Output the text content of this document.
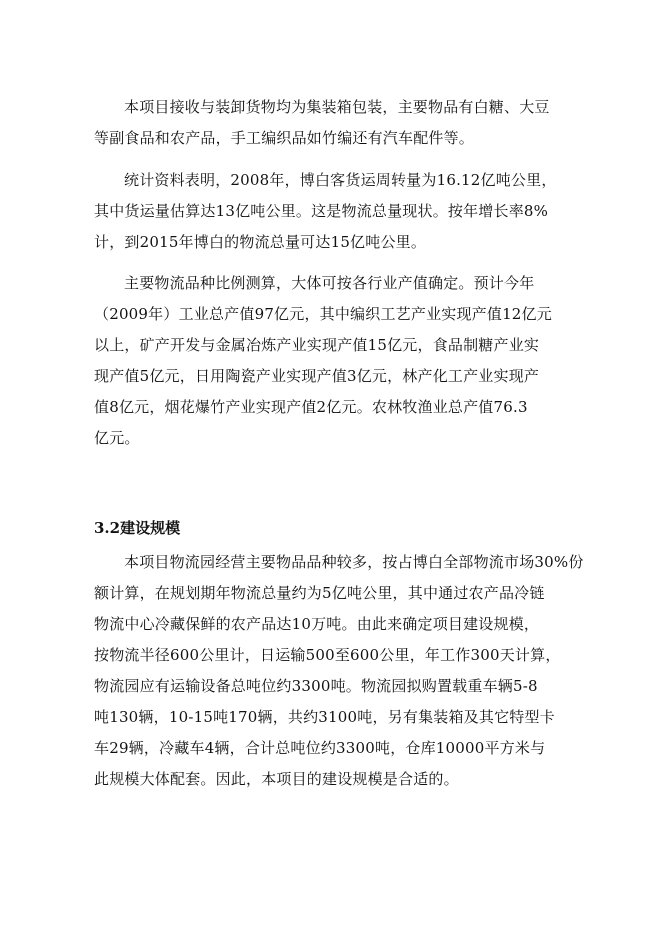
本项目接收与装卸货物均为集装箱包装，主要物品有白糖、大豆
等副食品和农产品，手工编织品如竹编还有汽车配件等。
统计资料表明，2008年，博白客货运周转量为16.12亿吨公里，
其中货运量估算达13亿吨公里。这是物流总量现状。按年增长率8%
计，到2015年博白的物流总量可达15亿吨公里。
主要物流品种比例测算，大体可按各行业产值确定。预计今年
（2009年）工业总产值97亿元，其中编织工艺产业实现产值12亿元
以上，矿产开发与金属冶炼产业实现产值15亿元，食品制糖产业实
现产值5亿元，日用陶瓷产业实现产值3亿元，林产化工产业实现产
值8亿元，烟花爆竹产业实现产值2亿元。农林牧渔业总产值76.3
亿元。
3.2建设规模
本项目物流园经营主要物品品种较多，按占博白全部物流市场30%份
额计算，在规划期年物流总量约为5亿吨公里，其中通过农产品冷链
物流中心冷藏保鲜的农产品达10万吨。由此来确定项目建设规模，
按物流半径600公里计，日运输500至600公里，年工作300天计算，
物流园应有运输设备总吨位约3300吨。物流园拟购置载重车辆5-8
吨130辆，10-15吨170辆，共约3100吨，另有集装箱及其它特型卡
车29辆，冷藏车4辆，合计总吨位约3300吨，仓库10000平方米与
此规模大体配套。因此，本项目的建设规模是合适的。
